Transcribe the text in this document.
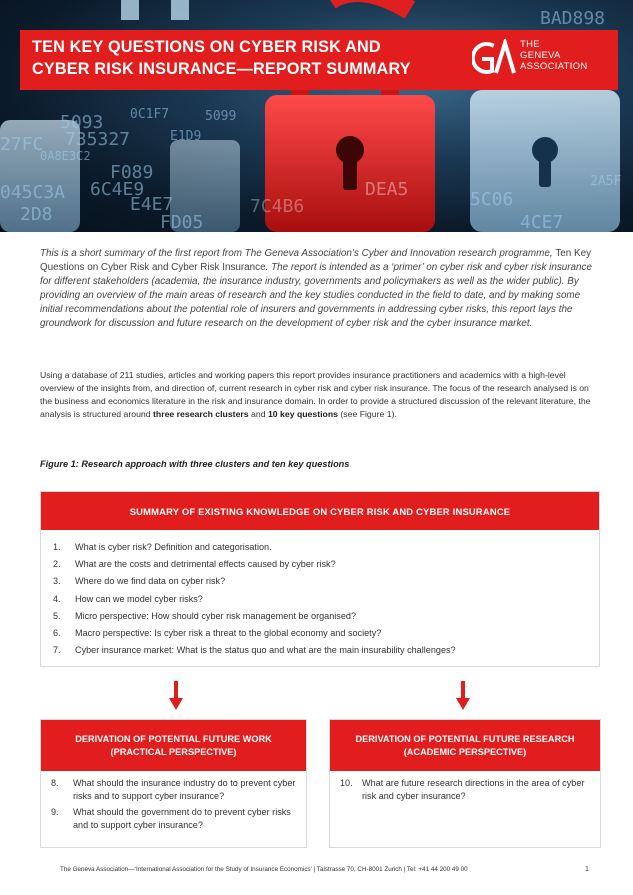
BAD898
5093 0C1F7
27FC
5099
735327	E1D9
0A8E3C2
F089
6C4E9
045C3A
2D8	E4E7
FD05
DEA5
7C4B6	5C06
2A5F
4CE7
TEN KEY QUESTIONS ON CYBER RISK AND
CYBER RISK INSURANCE—REPORT SUMMARY
THE
GENEVA
ASSOCIATION
This is a short summary of the first report from The Geneva Association’s Cyber and Innovation research programme, Ten Key Questions on Cyber Risk and Cyber Risk Insurance. The report is intended as a ‘primer’ on cyber risk and cyber risk insurance for different stakeholders (academia, the insurance industry, governments and policymakers as well as the wider public). By providing an overview of the main areas of research and the key studies conducted in the field to date, and by making some initial recommendations about the potential role of insurers and governments in addressing cyber risks, this report lays the groundwork for discussion and future research on the development of cyber risk and the cyber insurance market.
Using a database of 211 studies, articles and working papers this report provides insurance practitioners and academics with a high-level overview of the insights from, and direction of, current research in cyber risk and cyber risk insurance. The focus of the research analysed is on the business and economics literature in the risk and insurance domain. In order to provide a structured discussion of the relevant literature, the analysis is structured around three research clusters and 10 key questions (see Figure 1).
Figure 1: Research approach with three clusters and ten key questions
SUMMARY OF EXISTING KNOWLEDGE ON CYBER RISK AND CYBER INSURANCE
1. What is cyber risk? Definition and categorisation.
2. What are the costs and detrimental effects caused by cyber risk?
3. Where do we find data on cyber risk?
4. How can we model cyber risks?
5. Micro perspective: How should cyber risk management be organised?
6. Macro perspective: Is cyber risk a threat to the global economy and society?
7. Cyber insurance market: What is the status quo and what are the main insurability challenges?
DERIVATION OF POTENTIAL FUTURE WORK
(PRACTICAL PERSPECTIVE)
8. What should the insurance industry do to prevent cyber risks and to support cyber insurance?
9. What should the government do to prevent cyber risks and to support cyber insurance?
DERIVATION OF POTENTIAL FUTURE RESEARCH
(ACADEMIC PERSPECTIVE)
10. What are future research directions in the area of cyber risk and cyber insurance?
The Geneva Association—‘International Association for the Study of Insurance Economics’ | Talstrasse 70, CH-8001 Zurich | Tel: +41 44 200 49 00	1
